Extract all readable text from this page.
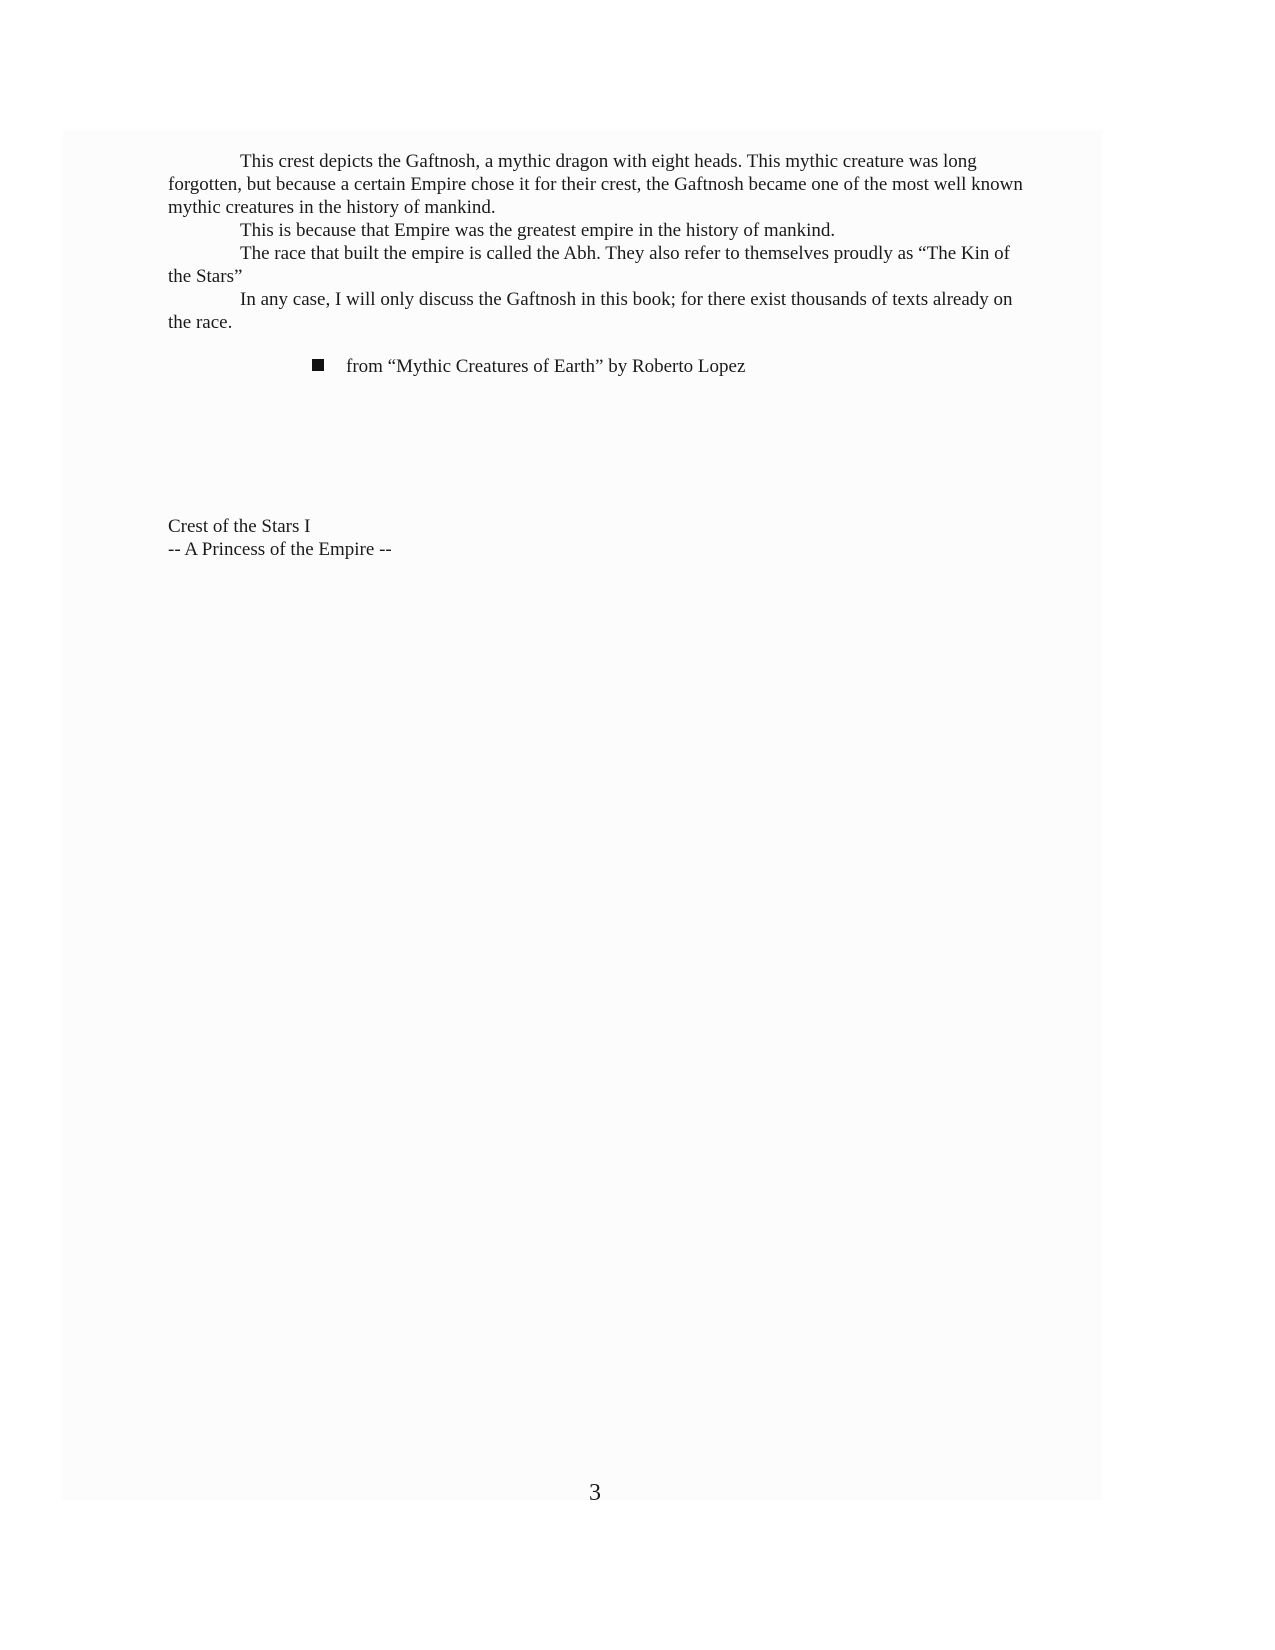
This crest depicts the Gaftnosh, a mythic dragon with eight heads. This mythic creature was long forgotten, but because a certain Empire chose it for their crest, the Gaftnosh became one of the most well known mythic creatures in the history of mankind.

This is because that Empire was the greatest empire in the history of mankind.

The race that built the empire is called the Abh. They also refer to themselves proudly as “The Kin of the Stars”

In any case, I will only discuss the Gaftnosh in this book; for there exist thousands of texts already on the race.

from “Mythic Creatures of Earth” by Roberto Lopez
Crest of the Stars I
-- A Princess of the Empire --
3
